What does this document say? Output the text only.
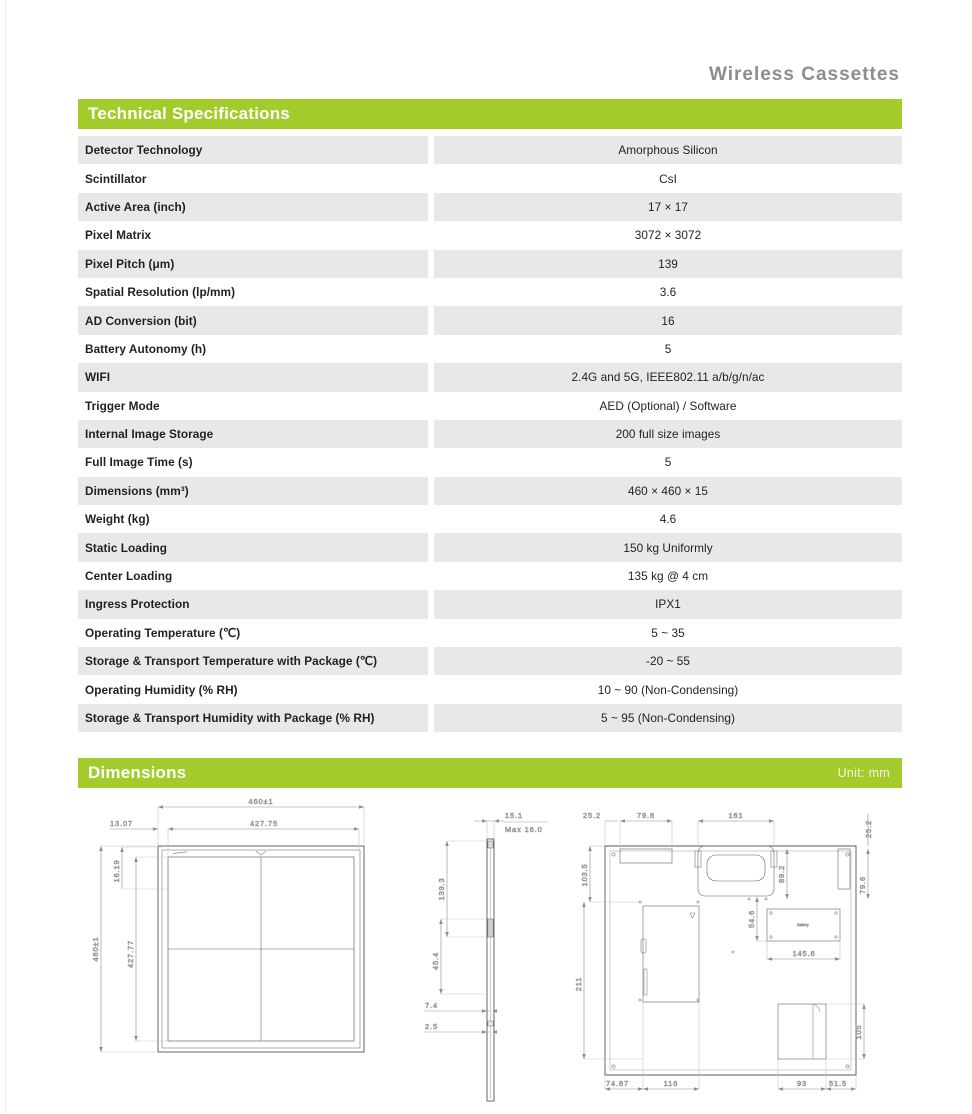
Wireless Cassettes
Technical Specifications
Detector Technology	Amorphous Silicon
Scintillator	CsI
Active Area (inch)	17 × 17
Pixel Matrix	3072 × 3072
Pixel Pitch (μm)	139
Spatial Resolution (lp/mm)	3.6
AD Conversion (bit)	16
Battery Autonomy (h)	5
WIFI	2.4G and 5G, IEEE802.11 a/b/g/n/ac
Trigger Mode	AED (Optional) / Software
Internal Image Storage	200 full size images
Full Image Time (s)	5
Dimensions (mm³)	460 × 460 × 15
Weight (kg)	4.6
Static Loading	150 kg Uniformly
Center Loading	135 kg @ 4 cm
Ingress Protection	IPX1
Operating Temperature (℃)	5 ~ 35
Storage & Transport Temperature with Package (℃)	-20 ~ 55
Operating Humidity (% RH)	10 ~ 90 (Non-Condensing)
Storage & Transport Humidity with Package (% RH)	5 ~ 95 (Non-Condensing)
Dimensions	Unit: mm
460±1
427.75
13.07
460±1
16.19
427.77
15.1
Max 16.0
139.3
45.4
7.4
2.5
Battery
25.2	79.6	161
25.2
103.5
211
89.2
54.6
145.6
79.6
105
74.87	116	93	51.5
